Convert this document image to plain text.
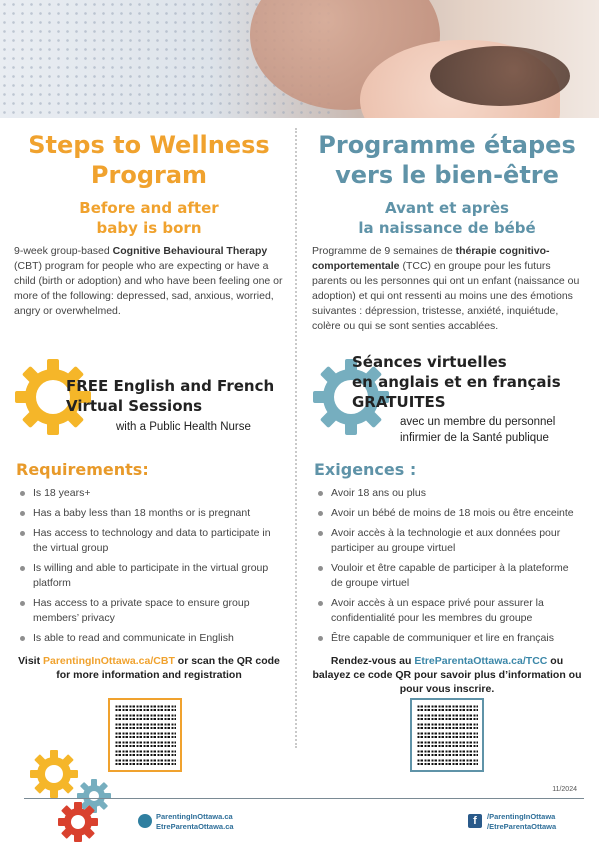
Steps to Wellness
Program
Before and after
baby is born

9-week group-based Cognitive Behavioural Therapy (CBT) program for people who are expecting or have a child (birth or adoption) and who have been feeling one or more of the following: depressed, sad, anxious, worried, angry or overwhelmed.

FREE English and French
Virtual Sessions
with a Public Health Nurse
Requirements:
Is 18 years+
Has a baby less than 18 months or is pregnant
Has access to technology and data to participate in the virtual group
Is willing and able to participate in the virtual group platform
Has access to a private space to ensure group members’ privacy
Is able to read and communicate in English
Visit ParentingInOttawa.ca/CBT or scan the QR code for more information and registration
Programme étapes
vers le bien-être
Avant et après
la naissance de bébé

Programme de 9 semaines de thérapie cognitivo-comportementale (TCC) en groupe pour les futurs parents ou les personnes qui ont un enfant (naissance ou adoption) et qui ont ressenti au moins une des émotions suivantes : dépression, tristesse, anxiété, inquiétude, colère ou qui se sont senties accablées.

Séances virtuelles
en anglais et en français
GRATUITES
avec un membre du personnel
infirmier de la Santé publique
Exigences :
Avoir 18 ans ou plus
Avoir un bébé de moins de 18 mois ou être enceinte
Avoir accès à la technologie et aux données pour participer au groupe virtuel
Vouloir et être capable de participer à la plateforme de groupe virtuel
Avoir accès à un espace privé pour assurer la confidentialité pour les membres du groupe
Être capable de communiquer et lire en français
Rendez-vous au EtreParentaOttawa.ca/TCC ou balayez ce code QR pour savoir plus d’information ou pour vous inscrire.
11/2024
ParentingInOttawa.ca
EtreParentaOttawa.ca	f	/ParentingInOttawa
/EtreParentaOttawa
